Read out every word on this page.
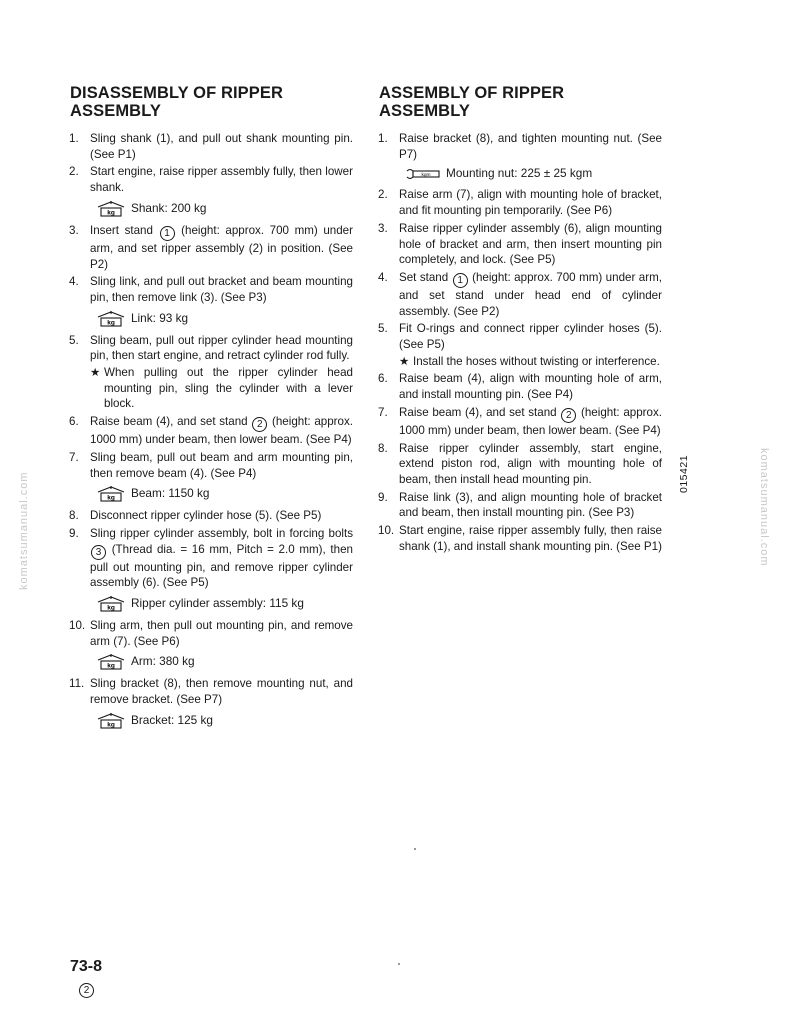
DISASSEMBLY OF RIPPER
ASSEMBLY
1. Sling shank (1), and pull out shank mounting pin. (See P1)
2. Start engine, raise ripper assembly fully, then lower shank.
kg Shank: 200 kg
3. Insert stand 1 (height: approx. 700 mm) under arm, and set ripper assembly (2) in position. (See P2)
4. Sling link, and pull out bracket and beam mounting pin, then remove link (3). (See P3)
kg Link: 93 kg
5. Sling beam, pull out ripper cylinder head mounting pin, then start engine, and retract cylinder rod fully.
★ When pulling out the ripper cylinder head mounting pin, sling the cylinder with a lever block.
6. Raise beam (4), and set stand 2 (height: approx. 1000 mm) under beam, then lower beam. (See P4)
7. Sling beam, pull out beam and arm mounting pin, then remove beam (4). (See P4)
kg Beam: 1150 kg
8. Disconnect ripper cylinder hose (5). (See P5)
9. Sling ripper cylinder assembly, bolt in forcing bolts 3 (Thread dia. = 16 mm, Pitch = 2.0 mm), then pull out mounting pin, and remove ripper cylinder assembly (6). (See P5)
kg Ripper cylinder assembly: 115 kg
10. Sling arm, then pull out mounting pin, and remove arm (7). (See P6)
kg Arm: 380 kg
11. Sling bracket (8), then remove mounting nut, and remove bracket. (See P7)
kg Bracket: 125 kg
ASSEMBLY OF RIPPER
ASSEMBLY
1. Raise bracket (8), and tighten mounting nut. (See P7)
kgm Mounting nut: 225 ± 25 kgm
2. Raise arm (7), align with mounting hole of bracket, and fit mounting pin temporarily. (See P6)
3. Raise ripper cylinder assembly (6), align mounting hole of bracket and arm, then insert mounting pin completely, and lock. (See P5)
4. Set stand 1 (height: approx. 700 mm) under arm, and set stand under head end of cylinder assembly. (See P2)
5. Fit O-rings and connect ripper cylinder hoses (5). (See P5)
★ Install the hoses without twisting or interference.
6. Raise beam (4), align with mounting hole of arm, and install mounting pin. (See P4)
7. Raise beam (4), and set stand 2 (height: approx. 1000 mm) under beam, then lower beam. (See P4)
8. Raise ripper cylinder assembly, start engine, extend piston rod, align with mounting hole of beam, then install head mounting pin.
9. Raise link (3), and align mounting hole of bracket and beam, then install mounting pin. (See P3)
10. Start engine, raise ripper assembly fully, then raise shank (1), and install shank mounting pin. (See P1)
015421
komatsumanual.com	komatsumanual.com
73-8
2
